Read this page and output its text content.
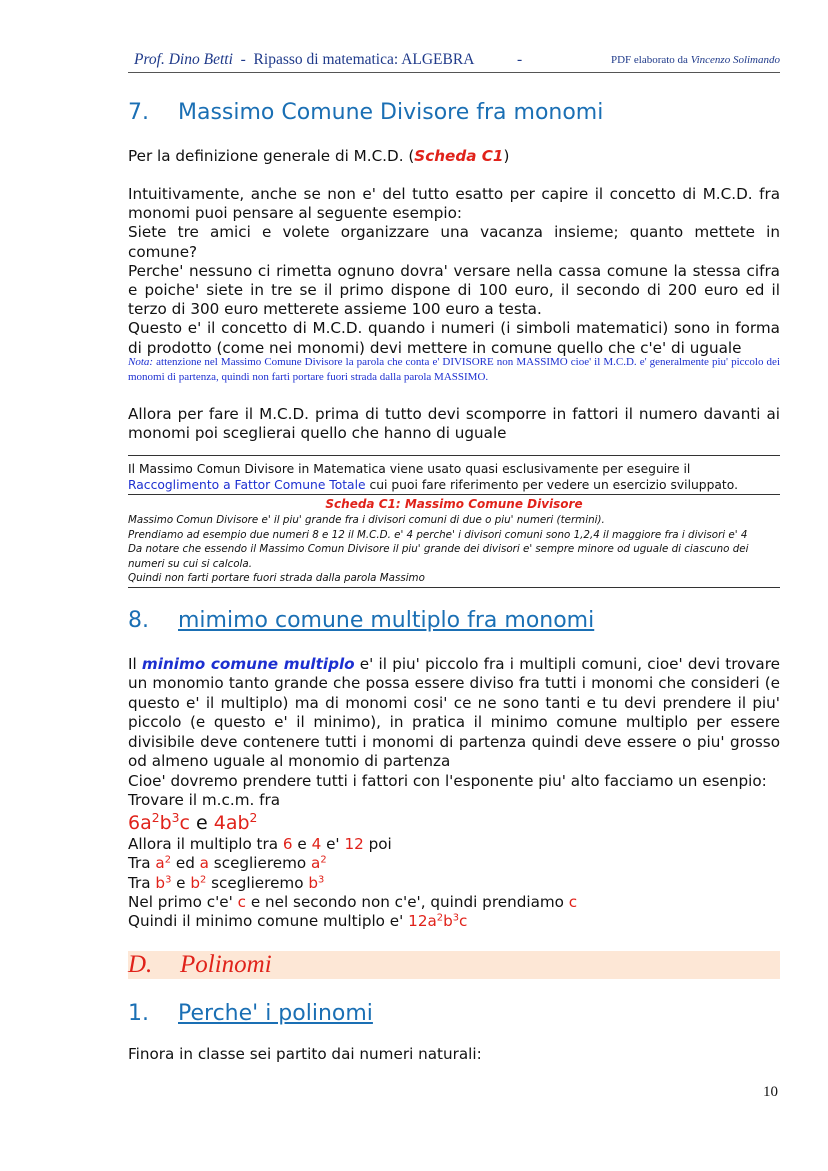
Prof. Dino Betti - Ripasso di matematica: ALGEBRA	-	PDF elaborato da Vincenzo Solimando
7. Massimo Comune Divisore fra monomi
Per la definizione generale di M.C.D. (Scheda C1)
Intuitivamente, anche se non e' del tutto esatto per capire il concetto di M.C.D. fra monomi puoi pensare al seguente esempio:
Siete tre amici e volete organizzare una vacanza insieme; quanto mettete in comune?
Perche' nessuno ci rimetta ognuno dovra' versare nella cassa comune la stessa cifra e poiche' siete in tre se il primo dispone di 100 euro, il secondo di 200 euro ed il terzo di 300 euro metterete assieme 100 euro a testa.
Questo e' il concetto di M.C.D. quando i numeri (i simboli matematici) sono in forma di prodotto (come nei monomi) devi mettere in comune quello che c'e' di uguale
Nota: attenzione nel Massimo Comune Divisore la parola che conta e' DIVISORE non MASSIMO cioe' il M.C.D. e' generalmente piu' piccolo dei monomi di partenza, quindi non farti portare fuori strada dalla parola MASSIMO.
Allora per fare il M.C.D. prima di tutto devi scomporre in fattori il numero davanti ai monomi poi sceglierai quello che hanno di uguale
Il Massimo Comun Divisore in Matematica viene usato quasi esclusivamente per eseguire il Raccoglimento a Fattor Comune Totale cui puoi fare riferimento per vedere un esercizio sviluppato.
Scheda C1: Massimo Comune Divisore
Massimo Comun Divisore e' il piu' grande fra i divisori comuni di due o piu' numeri (termini).
Prendiamo ad esempio due numeri 8 e 12 il M.C.D. e' 4 perche' i divisori comuni sono 1,2,4 il maggiore fra i divisori e' 4
Da notare che essendo il Massimo Comun Divisore il piu' grande dei divisori e' sempre minore od uguale di ciascuno dei numeri su cui si calcola.
Quindi non farti portare fuori strada dalla parola Massimo
8. mimimo comune multiplo fra monomi
Il minimo comune multiplo e' il piu' piccolo fra i multipli comuni, cioe' devi trovare un monomio tanto grande che possa essere diviso fra tutti i monomi che consideri (e questo e' il multiplo) ma di monomi cosi' ce ne sono tanti e tu devi prendere il piu' piccolo (e questo e' il minimo), in pratica il minimo comune multiplo per essere divisibile deve contenere tutti i monomi di partenza quindi deve essere o piu' grosso od almeno uguale al monomio di partenza
Cioe' dovremo prendere tutti i fattori con l'esponente piu' alto facciamo un esenpio:
Trovare il m.c.m. fra
$6a^2b^3c$ e $4ab^2$
Allora il multiplo tra 6 e 4 e' 12 poi
Tra $a^2$ ed a sceglieremo $a^2$
Tra $b^3$ e $b^2$ sceglieremo $b^3$
Nel primo c'e' c e nel secondo non c'e', quindi prendiamo c
Quindi il minimo comune multiplo e' $12a^2b^3c$
D. Polinomi
1. Perche' i polinomi
Finora in classe sei partito dai numeri naturali:
10
